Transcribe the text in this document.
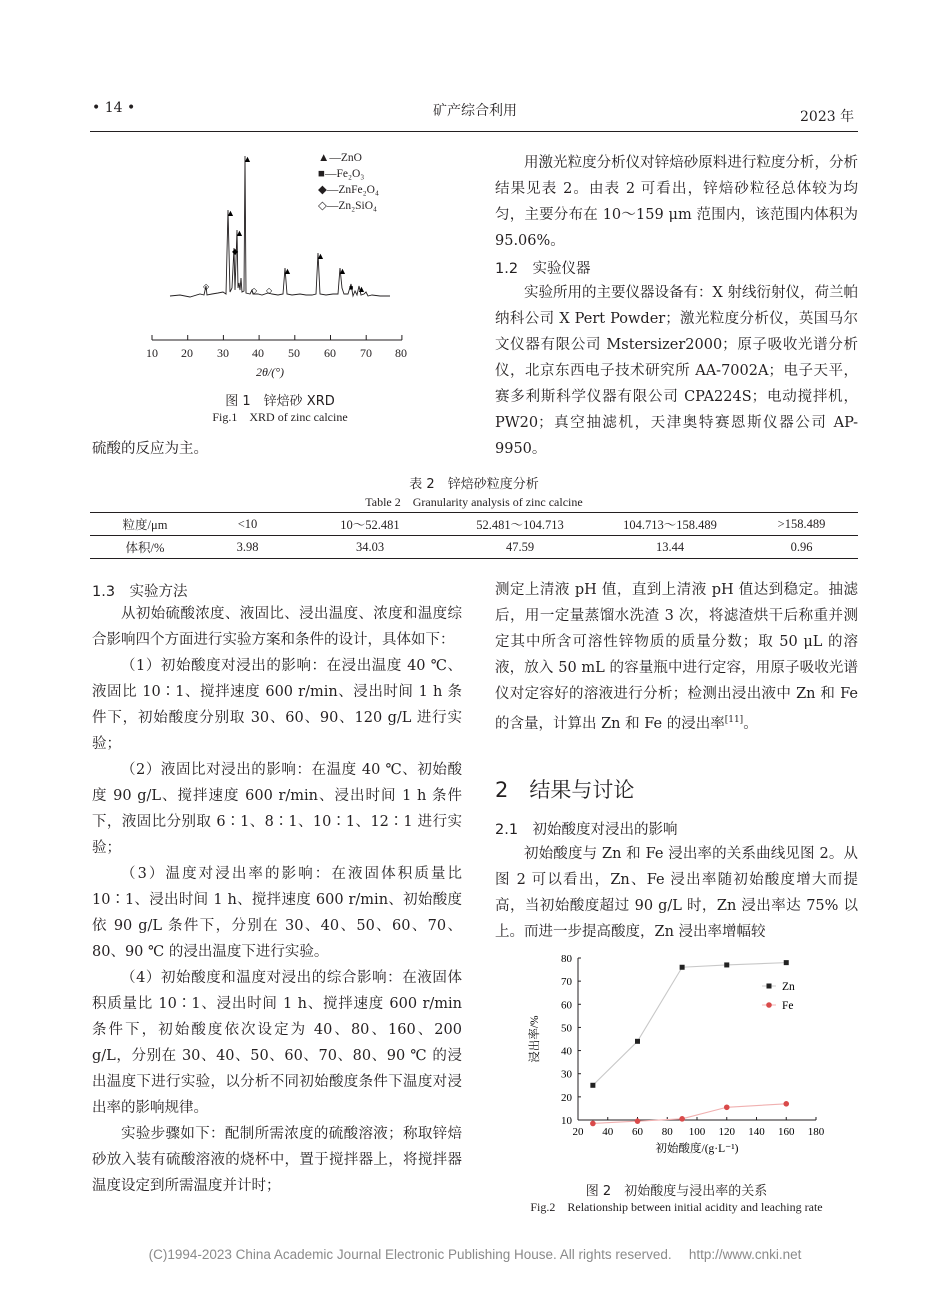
• 14 •	矿产综合利用	2023 年
▲
▲
▲
◆	▲
▲	▲
■ ▲
◇	◇ ◇
▲—ZnO
■—Fe₂O₃
◆—ZnFe₂O₄
◇—Zn₂SiO₄
10 20 30 40 50 60 70 80
2θ/(°)
图 1　锌焙砂 XRD
Fig.1　XRD of zinc calcine
硫酸的反应为主。
用激光粒度分析仪对锌焙砂原料进行粒度分析，分析结果见表 2。由表 2 可看出，锌焙砂粒径总体较为均匀，主要分布在 10～159 μm 范围内，该范围内体积为 95.06%。
1.2　实验仪器
实验所用的主要仪器设备有：X 射线衍射仪，荷兰帕纳科公司 X Pert Powder；激光粒度分析仪，英国马尔文仪器有限公司 Mstersizer2000；原子吸收光谱分析仪，北京东西电子技术研究所 AA-7002A；电子天平，赛多利斯科学仪器有限公司 CPA224S；电动搅拌机，PW20；真空抽滤机，天津奥特赛恩斯仪器公司 AP-9950。
表 2　锌焙砂粒度分析
Table 2　Granularity analysis of zinc calcine
粒度/μm	<10	10～52.481	52.481～104.713	104.713～158.489	>158.489
体积/%	3.98	34.03	47.59	13.44	0.96
1.3　实验方法

从初始硫酸浓度、液固比、浸出温度、浓度和温度综合影响四个方面进行实验方案和条件的设计，具体如下：

（1）初始酸度对浸出的影响：在浸出温度 40 ℃、液固比 10∶1、搅拌速度 600 r/min、浸出时间 1 h 条件下，初始酸度分别取 30、60、90、120 g/L 进行实验；

（2）液固比对浸出的影响：在温度 40 ℃、初始酸度 90 g/L、搅拌速度 600 r/min、浸出时间 1 h 条件下，液固比分别取 6∶1、8∶1、10∶1、12∶1 进行实验；

（3）温度对浸出率的影响：在液固体积质量比 10∶1、浸出时间 1 h、搅拌速度 600 r/min、初始酸度依 90 g/L 条件下，分别在 30、40、50、60、70、80、90 ℃ 的浸出温度下进行实验。

（4）初始酸度和温度对浸出的综合影响：在液固体积质量比 10∶1、浸出时间 1 h、搅拌速度 600 r/min 条件下，初始酸度依次设定为 40、80、160、200 g/L，分别在 30、40、50、60、70、80、90 ℃ 的浸出温度下进行实验，以分析不同初始酸度条件下温度对浸出率的影响规律。

实验步骤如下：配制所需浓度的硫酸溶液；称取锌焙砂放入装有硫酸溶液的烧杯中，置于搅拌器上，将搅拌器温度设定到所需温度并计时；

测定上清液 pH 值，直到上清液 pH 值达到稳定。抽滤后，用一定量蒸馏水洗渣 3 次，将滤渣烘干后称重并测定其中所含可溶性锌物质的质量分数；取 50 μL 的溶液，放入 50 mL 的容量瓶中进行定容，用原子吸收光谱仪对定容好的溶液进行分析；检测出浸出液中 Zn 和 Fe 的含量，计算出 Zn 和 Fe 的浸出率[11]。
2　结果与讨论
2.1　初始酸度对浸出的影响
初始酸度与 Zn 和 Fe 浸出率的关系曲线见图 2。从图 2 可以看出，Zn、Fe 浸出率随初始酸度增大而提高，当初始酸度超过 90 g/L 时，Zn 浸出率达 75% 以上。而进一步提高酸度，Zn 浸出率增幅较
20 40 60 80 100 120 140 160 180
10
20
30
40
50
60
70
80
初始酸度/(g·L⁻¹)
浸出率/%
Zn
Fe
图 2　初始酸度与浸出率的关系
Fig.2　Relationship between initial acidity and leaching rate
(C)1994-2023 China Academic Journal Electronic Publishing House. All rights reserved.　 http://www.cnki.net
